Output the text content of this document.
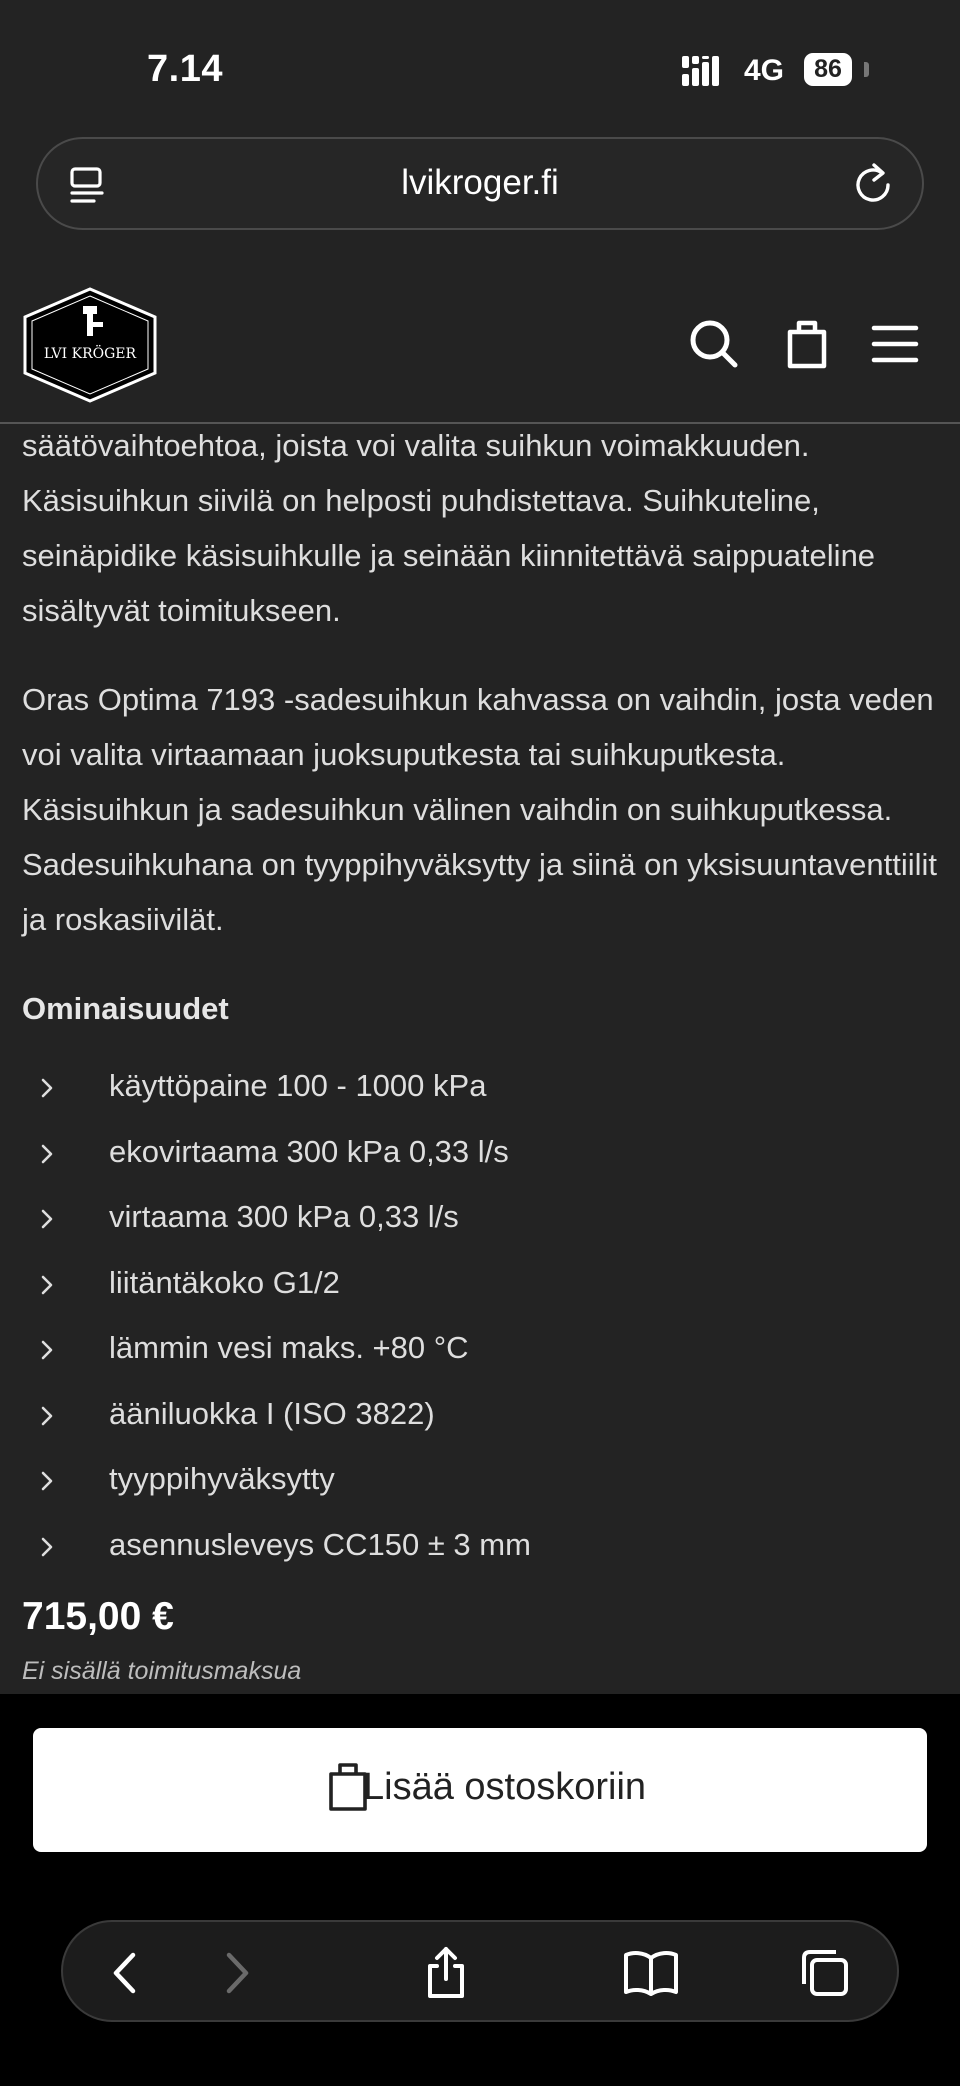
7.14	4G	86
lvikroger.fi
LVI KRÖGER

säätövaihtoehtoa, joista voi valita suihkun voimakkuuden. Käsisuihkun siivilä on helposti puhdistettava. Suihkuteline, seinäpidike käsisuihkulle ja seinään kiinnitettävä saippuateline sisältyvät toimitukseen.

Oras Optima 7193 -sadesuihkun kahvassa on vaihdin, josta veden voi valita virtaamaan juoksuputkesta tai suihkuputkesta. Käsisuihkun ja sadesuihkun välinen vaihdin on suihkuputkessa. Sadesuihkuhana on tyyppihyväksytty ja siinä on yksisuuntaventtiilit ja roskasiivilät.

Ominaisuudet
käyttöpaine 100 - 1000 kPa
ekovirtaama 300 kPa 0,33 l/s
virtaama 300 kPa 0,33 l/s
liitäntäkoko G1/2
lämmin vesi maks. +80 °C
ääniluokka I (ISO 3822)
tyyppihyväksytty
asennusleveys CC150 ± 3 mm
715,00 €
Ei sisällä toimitusmaksua
Lisää ostoskoriin
